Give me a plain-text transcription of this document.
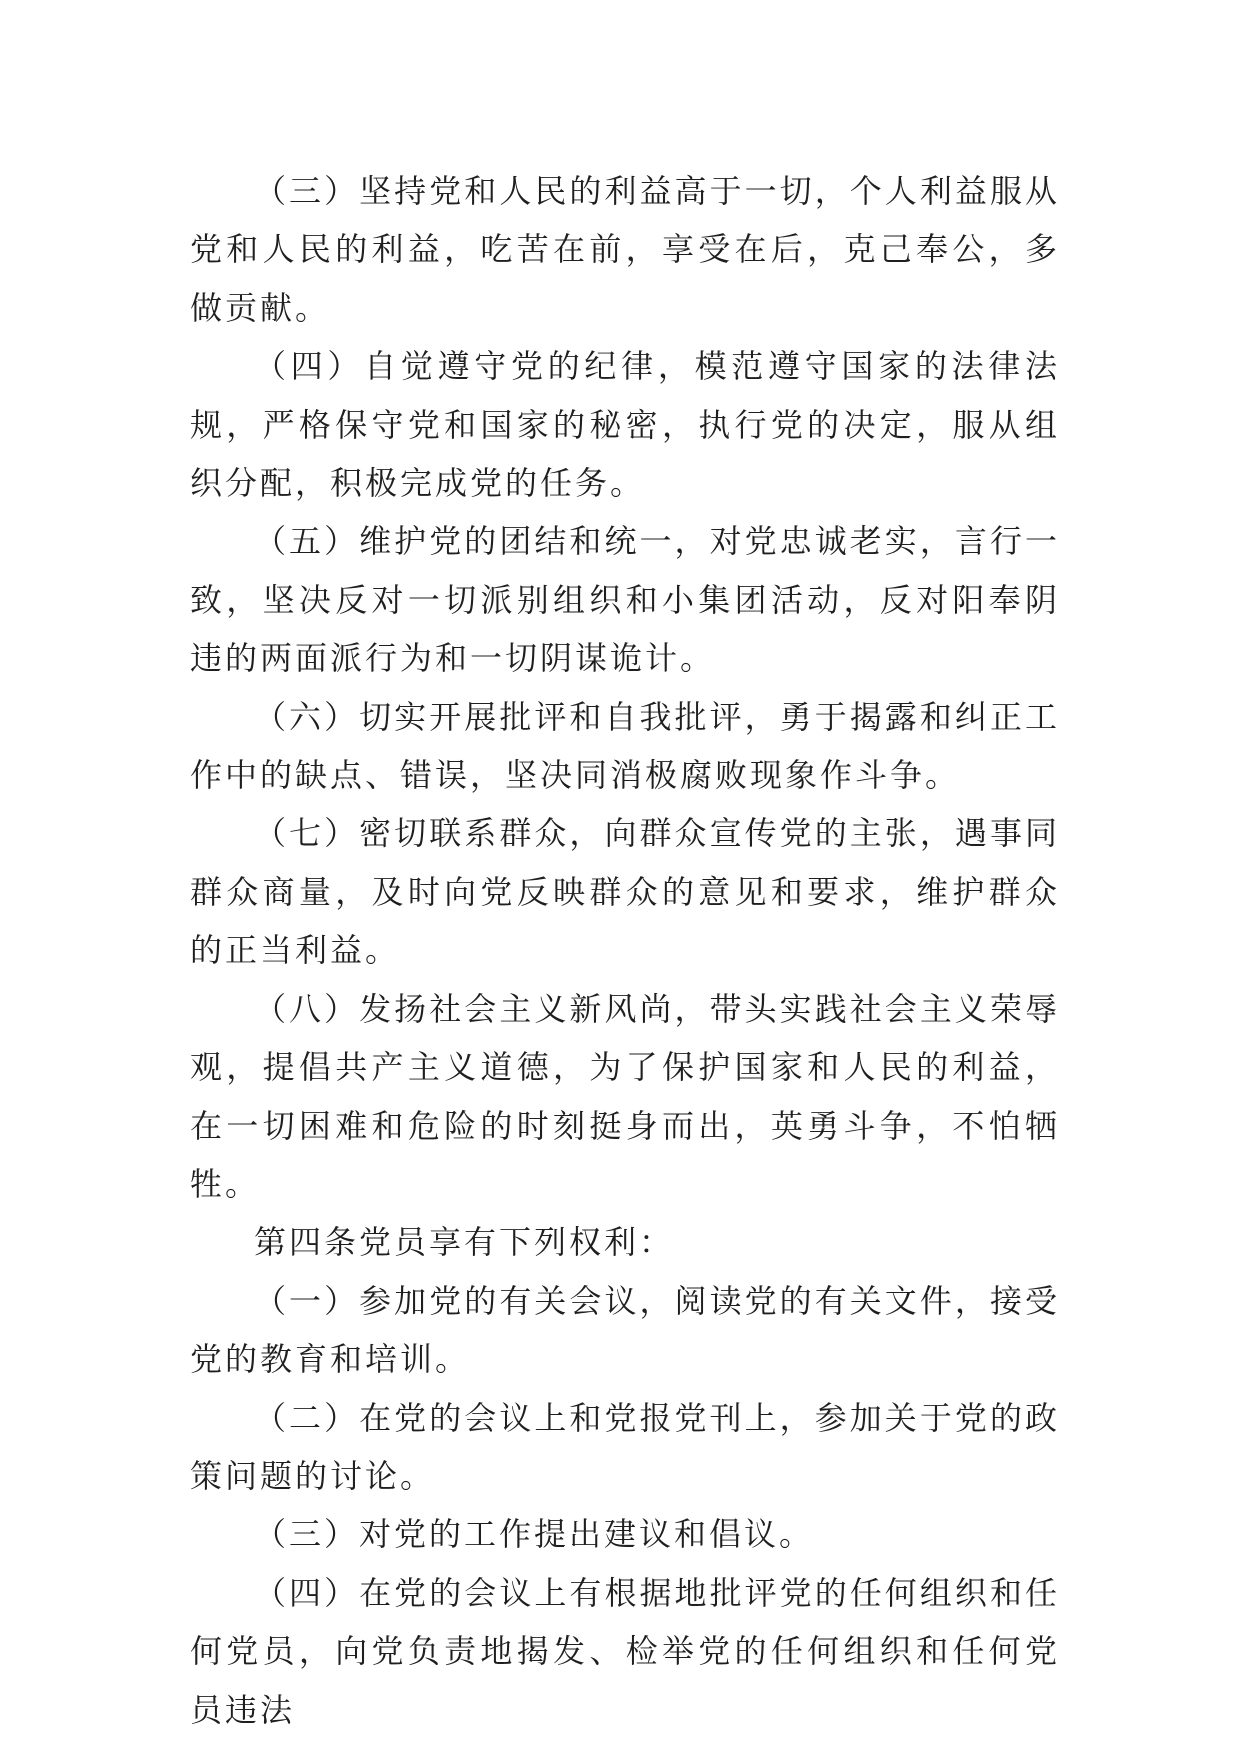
（三）坚持党和人民的利益高于一切，个人利益服从党和人民的利益，吃苦在前，享受在后，克己奉公，多做贡献。

（四）自觉遵守党的纪律，模范遵守国家的法律法规，严格保守党和国家的秘密，执行党的决定，服从组织分配，积极完成党的任务。

（五）维护党的团结和统一，对党忠诚老实，言行一致，坚决反对一切派别组织和小集团活动，反对阳奉阴违的两面派行为和一切阴谋诡计。

（六）切实开展批评和自我批评，勇于揭露和纠正工作中的缺点、错误，坚决同消极腐败现象作斗争。

（七）密切联系群众，向群众宣传党的主张，遇事同群众商量，及时向党反映群众的意见和要求，维护群众的正当利益。

（八）发扬社会主义新风尚，带头实践社会主义荣辱观，提倡共产主义道德，为了保护国家和人民的利益，在一切困难和危险的时刻挺身而出，英勇斗争，不怕牺牲。

第四条党员享有下列权利：

（一）参加党的有关会议，阅读党的有关文件，接受党的教育和培训。

（二）在党的会议上和党报党刊上，参加关于党的政策问题的讨论。

（三）对党的工作提出建议和倡议。

（四）在党的会议上有根据地批评党的任何组织和任何党员，向党负责地揭发、检举党的任何组织和任何党员违法
